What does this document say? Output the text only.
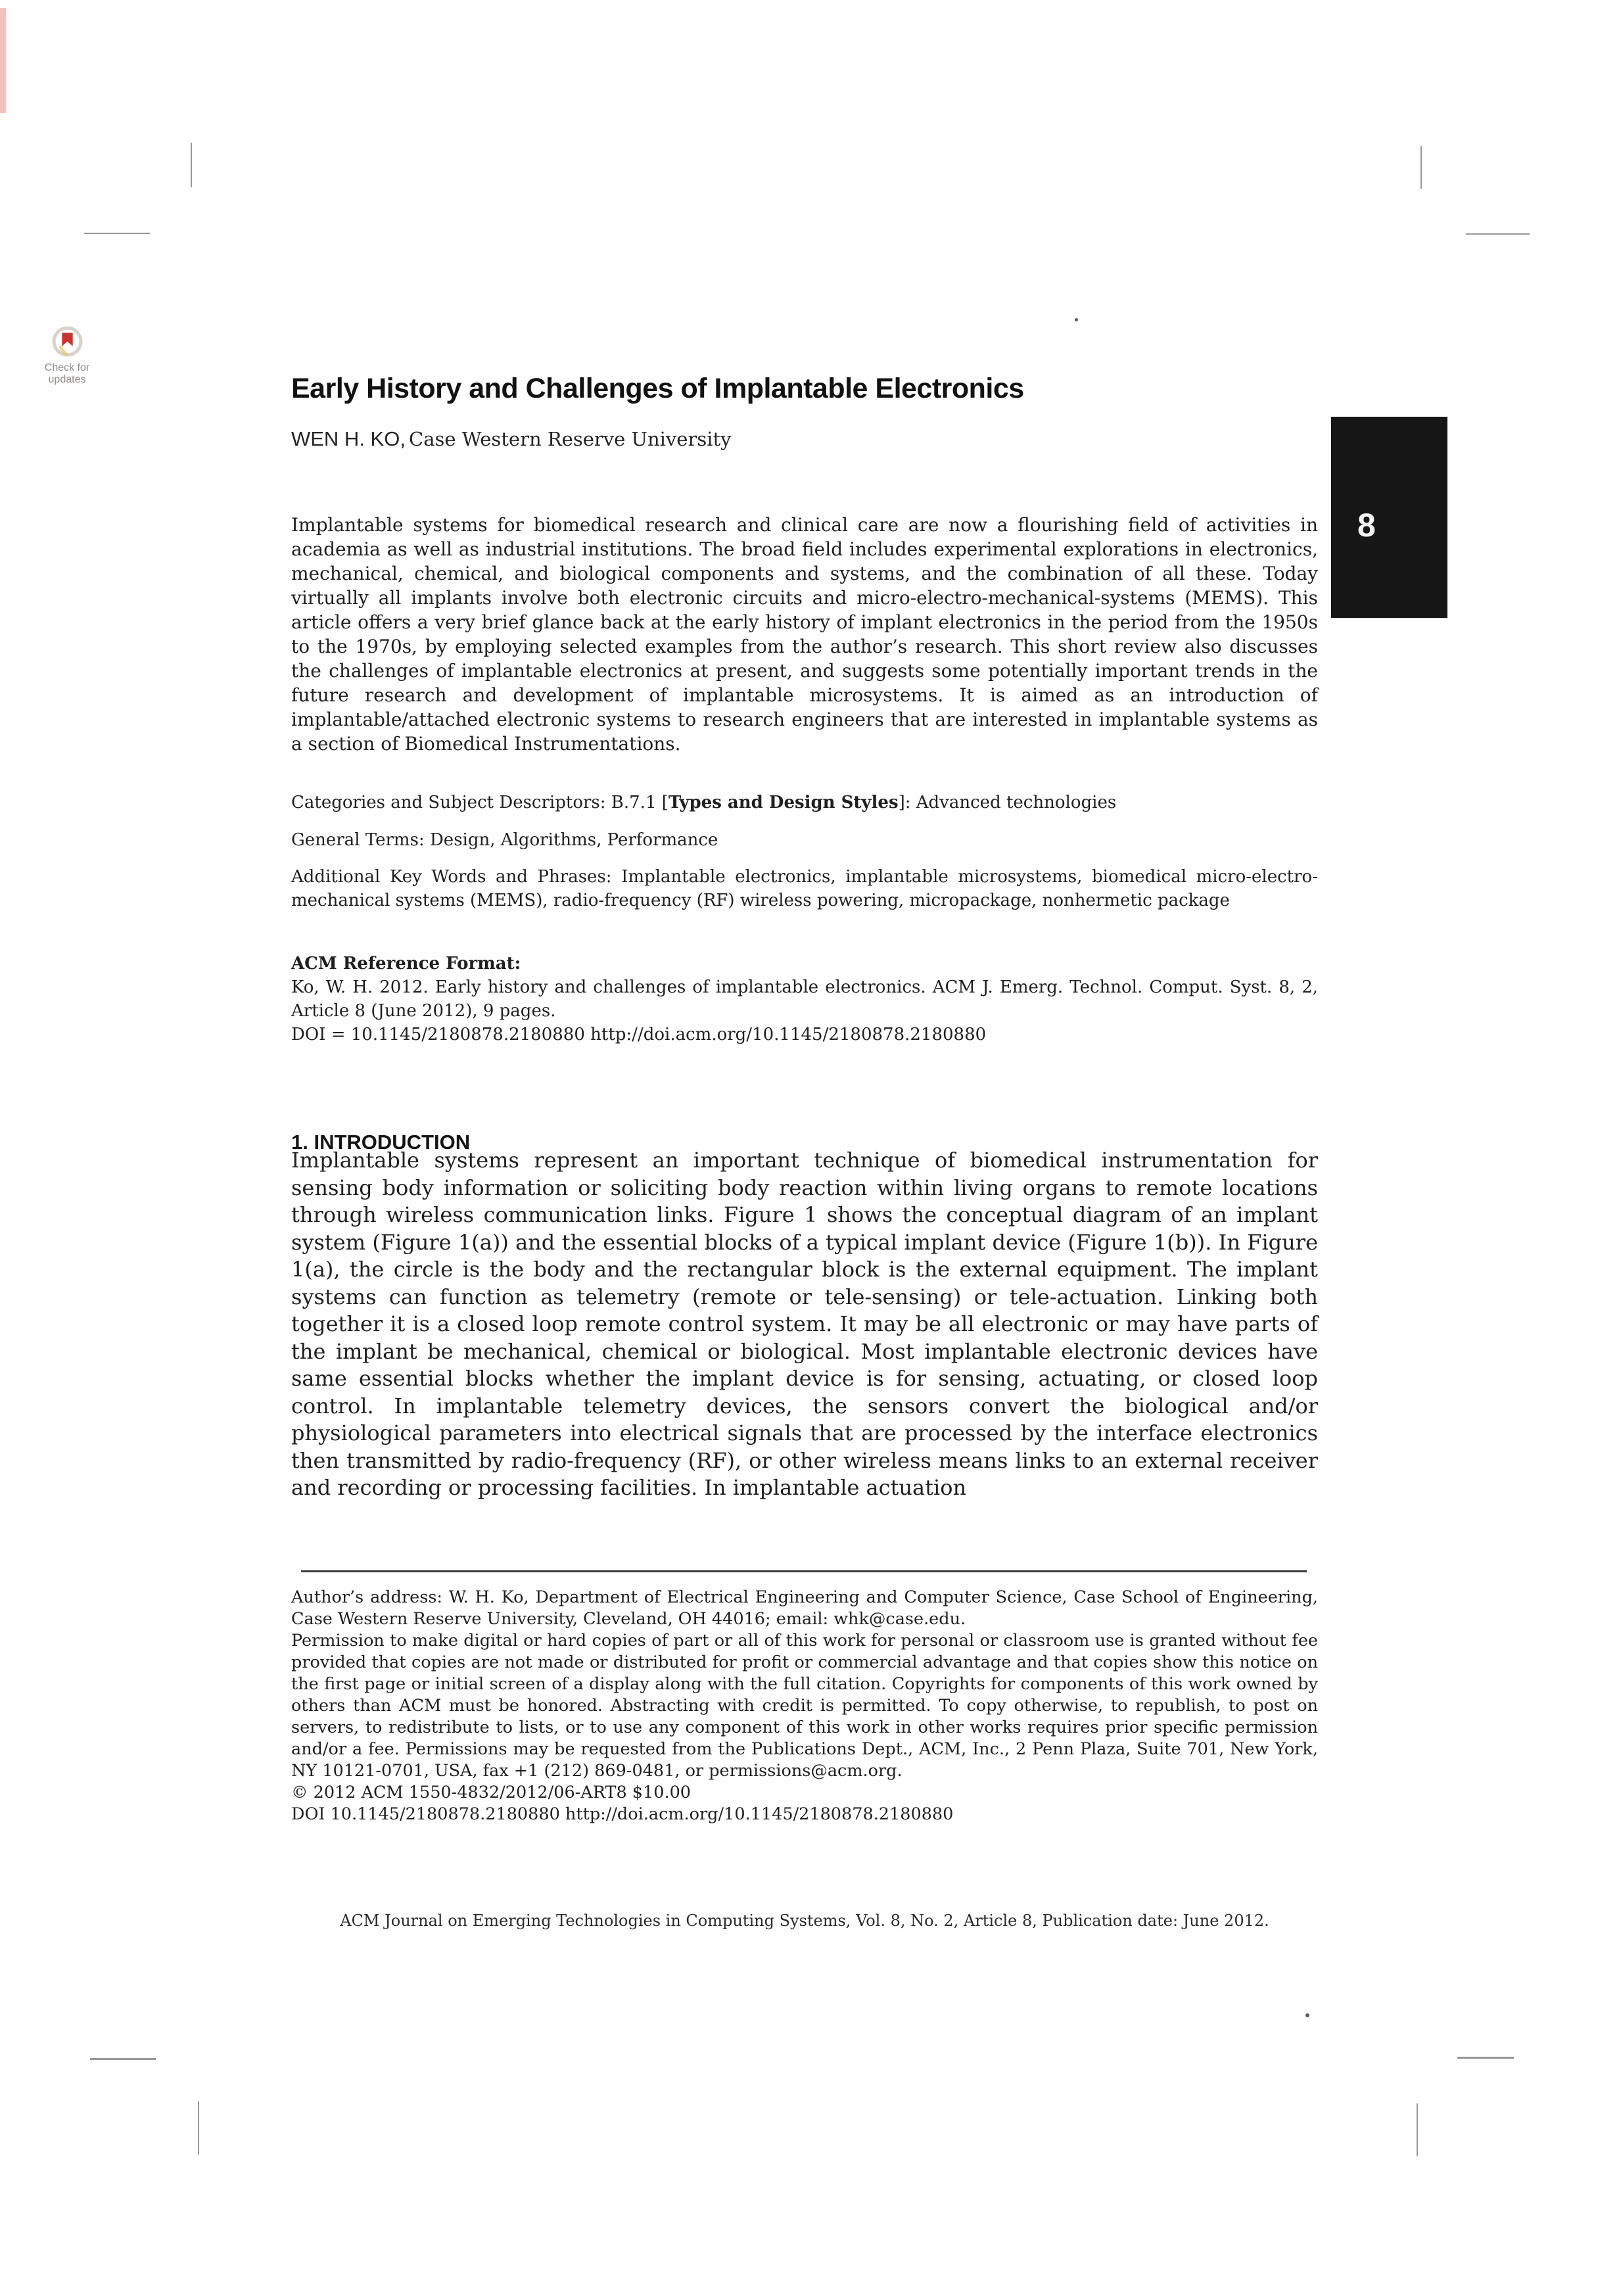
Check for
updates
8
Early History and Challenges of Implantable Electronics
WEN H. KO, Case Western Reserve University
Implantable systems for biomedical research and clinical care are now a flourishing field of activities in academia as well as industrial institutions. The broad field includes experimental explorations in electronics, mechanical, chemical, and biological components and systems, and the combination of all these. Today virtually all implants involve both electronic circuits and micro-electro-mechanical-systems (MEMS). This article offers a very brief glance back at the early history of implant electronics in the period from the 1950s to the 1970s, by employing selected examples from the author’s research. This short review also discusses the challenges of implantable electronics at present, and suggests some potentially important trends in the future research and development of implantable microsystems. It is aimed as an introduction of implantable/attached electronic systems to research engineers that are interested in implantable systems as a section of Biomedical Instrumentations.
Categories and Subject Descriptors: B.7.1 [Types and Design Styles]: Advanced technologies
General Terms: Design, Algorithms, Performance
Additional Key Words and Phrases: Implantable electronics, implantable microsystems, biomedical micro-electro-mechanical systems (MEMS), radio-frequency (RF) wireless powering, micropackage, nonhermetic package
ACM Reference Format:
Ko, W. H. 2012. Early history and challenges of implantable electronics. ACM J. Emerg. Technol. Comput. Syst. 8, 2, Article 8 (June 2012), 9 pages.
DOI = 10.1145/2180878.2180880 http://doi.acm.org/10.1145/2180878.2180880
1. INTRODUCTION
Implantable systems represent an important technique of biomedical instrumentation for sensing body information or soliciting body reaction within living organs to remote locations through wireless communication links. Figure 1 shows the conceptual diagram of an implant system (Figure 1(a)) and the essential blocks of a typical implant device (Figure 1(b)). In Figure 1(a), the circle is the body and the rectangular block is the external equipment. The implant systems can function as telemetry (remote or tele-sensing) or tele-actuation. Linking both together it is a closed loop remote control system. It may be all electronic or may have parts of the implant be mechanical, chemical or biological. Most implantable electronic devices have same essential blocks whether the implant device is for sensing, actuating, or closed loop control. In implantable telemetry devices, the sensors convert the biological and/or physiological parameters into electrical signals that are processed by the interface electronics then transmitted by radio-frequency (RF), or other wireless means links to an external receiver and recording or processing facilities. In implantable actuation

Author’s address: W. H. Ko, Department of Electrical Engineering and Computer Science, Case School of Engineering, Case Western Reserve University, Cleveland, OH 44016; email: whk@case.edu.

Permission to make digital or hard copies of part or all of this work for personal or classroom use is granted without fee provided that copies are not made or distributed for profit or commercial advantage and that copies show this notice on the first page or initial screen of a display along with the full citation. Copyrights for components of this work owned by others than ACM must be honored. Abstracting with credit is permitted. To copy otherwise, to republish, to post on servers, to redistribute to lists, or to use any component of this work in other works requires prior specific permission and/or a fee. Permissions may be requested from the Publications Dept., ACM, Inc., 2 Penn Plaza, Suite 701, New York, NY 10121-0701, USA, fax +1 (212) 869-0481, or permissions@acm.org.

© 2012 ACM 1550-4832/2012/06-ART8 $10.00

DOI 10.1145/2180878.2180880 http://doi.acm.org/10.1145/2180878.2180880

ACM Journal on Emerging Technologies in Computing Systems, Vol. 8, No. 2, Article 8, Publication date: June 2012.
